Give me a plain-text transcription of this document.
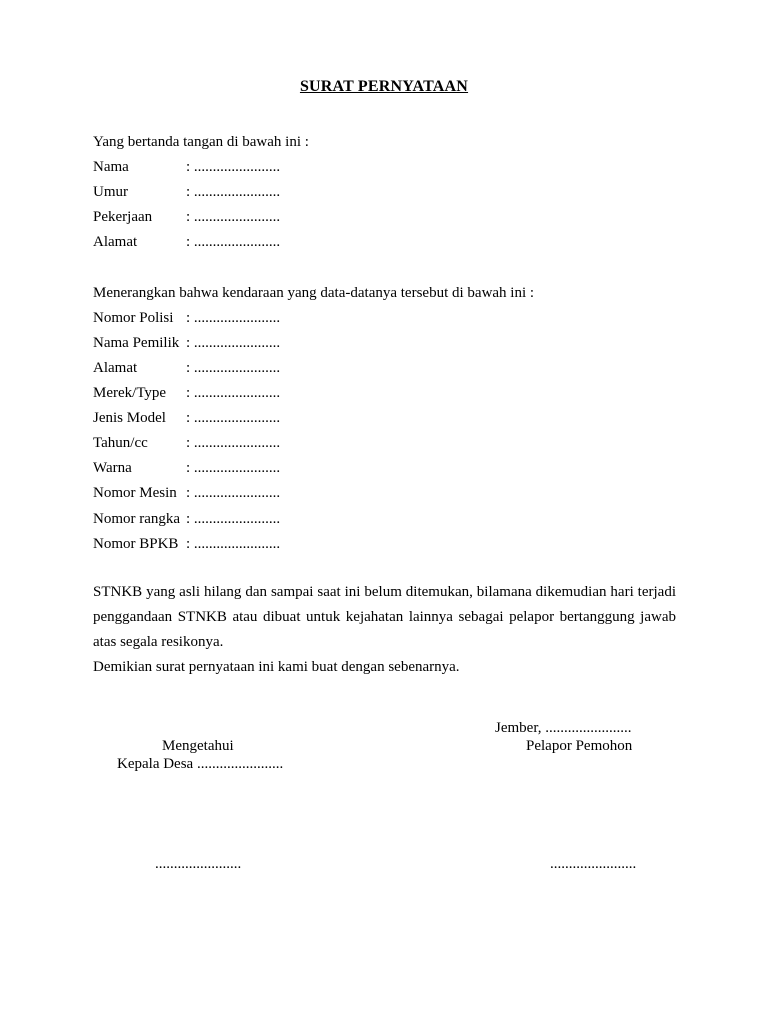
SURAT PERNYATAAN
Yang bertanda tangan di bawah ini :
Nama	: .......................
Umur	: .......................
Pekerjaan : .......................
Alamat	: .......................
Menerangkan bahwa kendaraan yang data-datanya tersebut di bawah ini :
Nomor Polisi : .......................
Nama Pemilik : .......................
Alamat	: .......................
Merek/Type : .......................
Jenis Model : .......................
Tahun/cc	: .......................
Warna	: .......................
Nomor Mesin : .......................
Nomor rangka : .......................
Nomor BPKB : .......................

STNKB yang asli hilang dan sampai saat ini belum ditemukan, bilamana dikemudian hari terjadi penggandaan STNKB atau dibuat untuk kejahatan lainnya sebagai pelapor bertanggung jawab atas segala resikonya.

Demikian surat pernyataan ini kami buat dengan sebenarnya.

Jember, .......................
Mengetahui
Kepala Desa .......................
Pelapor Pemohon
.......................	.......................
